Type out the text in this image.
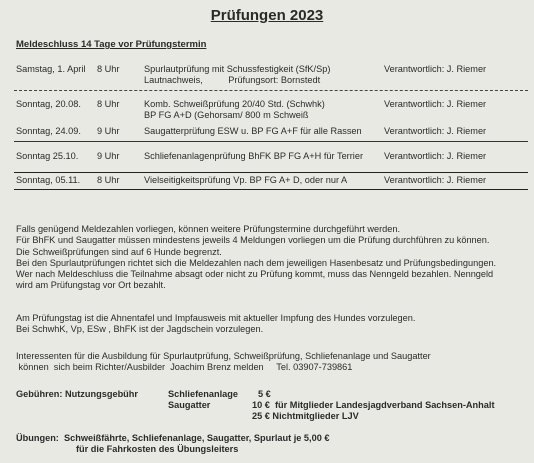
Prüfungen 2023
Meldeschluss 14 Tage vor Prüfungstermin
Samstag, 1. April 8 Uhr	Spurlautprüfung mit Schussfestigkeit (SfK/Sp)	Verantwortlich: J. Riemer
Lautnachweis,          Prüfungsort: Bornstedt
Sonntag, 20.08. 8 Uhr	Komb. Schweißprüfung 20/40 Std. (Schwhk)	Verantwortlich: J. Riemer
BP FG A+D (Gehorsam/ 800 m Schweiß
Sonntag, 24.09. 9 Uhr	Saugatterprüfung ESW u. BP FG A+F für alle Rassen Verantwortlich: J. Riemer
Sonntag 25.10. 9 Uhr	Schliefenanlagenprüfung BhFK BP FG A+H für Terrier Verantwortlich: J. Riemer
Sonntag, 05.11. 8 Uhr	Vielseitigkeitsprüfung Vp. BP FG A+ D, oder nur A	Verantwortlich: J. Riemer
Falls genügend Meldezahlen vorliegen, können weitere Prüfungstermine durchgeführt werden.
Für BhFK und Saugatter müssen mindestens jeweils 4 Meldungen vorliegen um die Prüfung durchführen zu können.
Die Schweißprüfungen sind auf 6 Hunde begrenzt.
Bei den Spurlautprüfungen richtet sich die Meldezahlen nach dem jeweiligen Hasenbesatz und Prüfungsbedingungen.
Wer nach Meldeschluss die Teilnahme absagt oder nicht zu Prüfung kommt, muss das Nenngeld bezahlen. Nenngeld
wird am Prüfungstag vor Ort bezahlt.
Am Prüfungstag ist die Ahnentafel und Impfausweis mit aktueller Impfung des Hundes vorzulegen.
Bei SchwhK, Vp, ESw , BhFK ist der Jagdschein vorzulegen.
Interessenten für die Ausbildung für Spurlautprüfung, Schweißprüfung, Schliefenanlage und Saugatter
können  sich beim Richter/Ausbilder  Joachim Brenz melden     Tel. 03907-739861
Gebühren: Nutzungsgebühr	Schliefenanlage 5 €
Saugatter	10 €  für Mitglieder Landesjagdverband Sachsen-Anhalt
25 € Nichtmitglieder LJV
Übungen:  Schweißfährte, Schliefenanlage, Saugatter, Spurlaut je 5,00 €
für die Fahrkosten des Übungsleiters
